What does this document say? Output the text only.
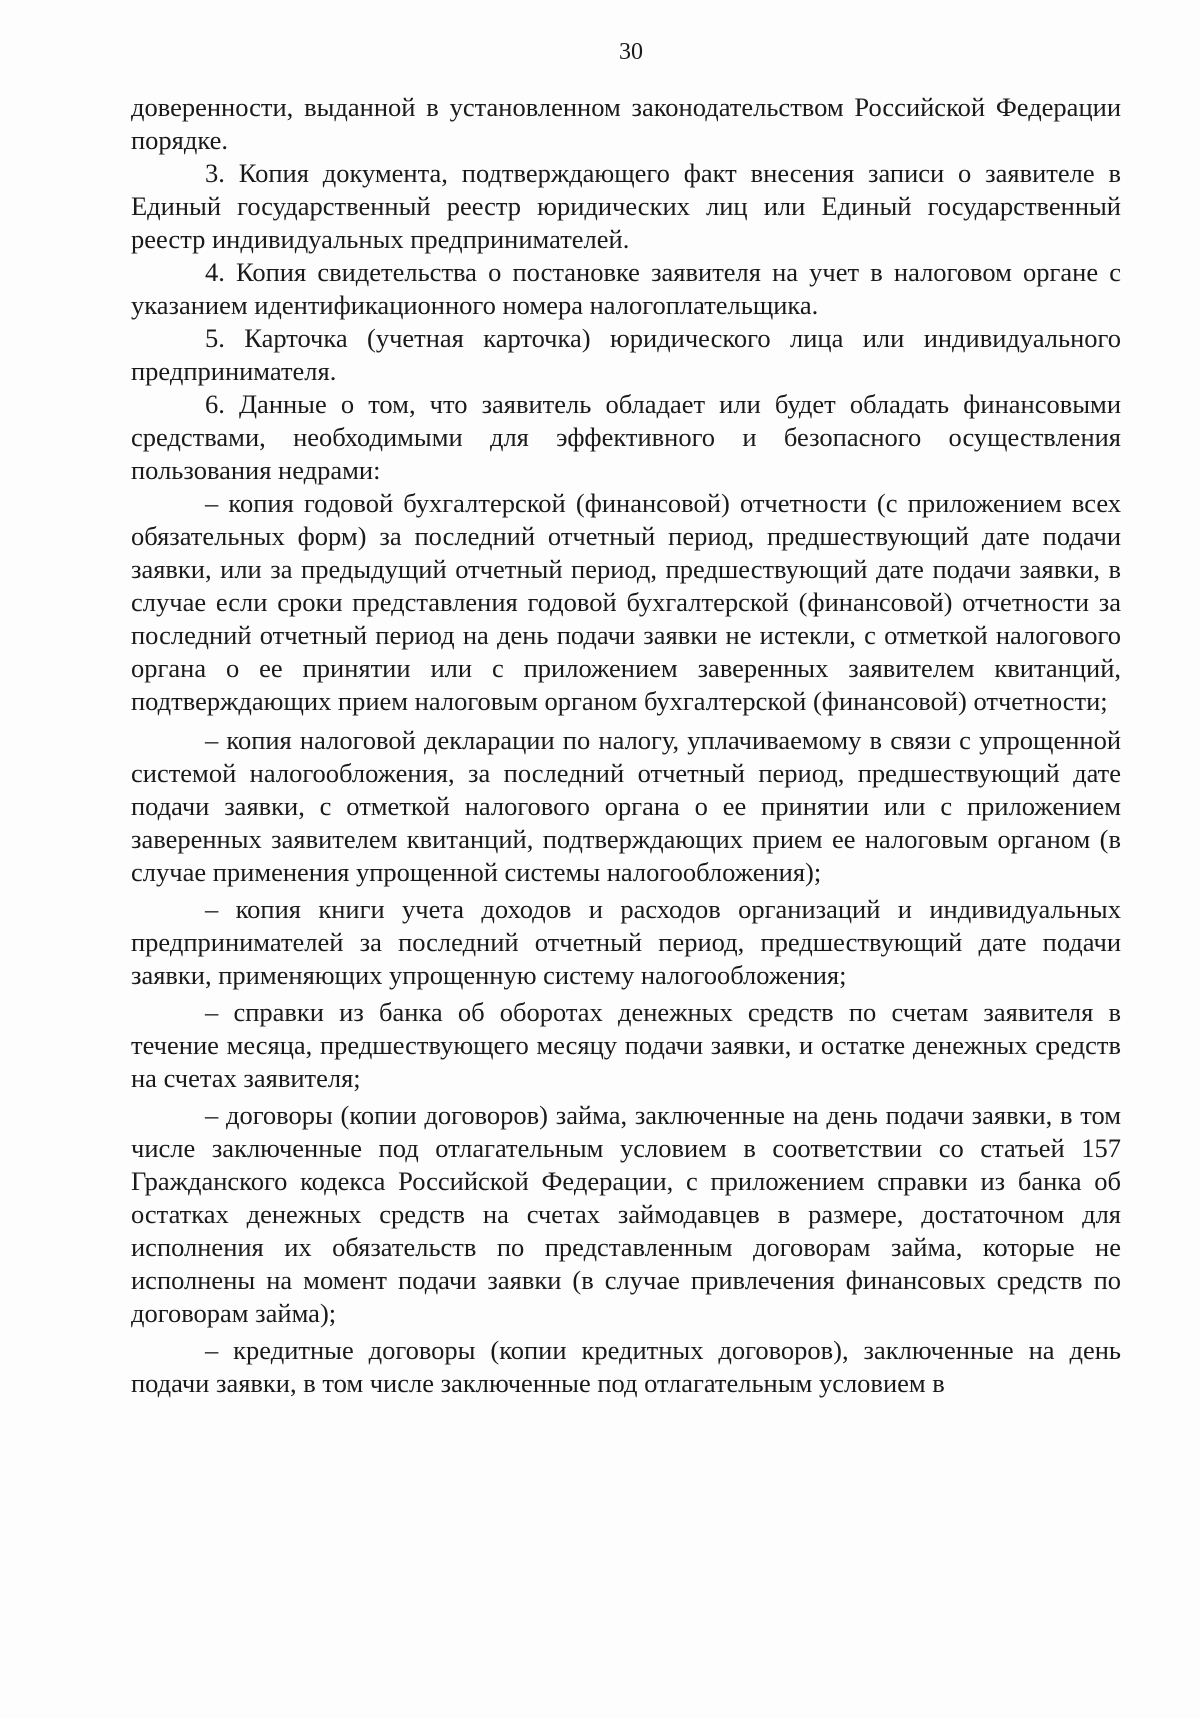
30

доверенности, выданной в установленном законодательством Российской Федерации порядке.

3. Копия документа, подтверждающего факт внесения записи о заявителе в Единый государственный реестр юридических лиц или Единый государственный реестр индивидуальных предпринимателей.

4. Копия свидетельства о постановке заявителя на учет в налоговом органе с указанием идентификационного номера налогоплательщика.

5. Карточка (учетная карточка) юридического лица или индивидуального предпринимателя.

6. Данные о том, что заявитель обладает или будет обладать финансовыми средствами, необходимыми для эффективного и безопасного осуществления пользования недрами:

– копия годовой бухгалтерской (финансовой) отчетности (с приложением всех обязательных форм) за последний отчетный период, предшествующий дате подачи заявки, или за предыдущий отчетный период, предшествующий дате подачи заявки, в случае если сроки представления годовой бухгалтерской (финансовой) отчетности за последний отчетный период на день подачи заявки не истекли, с отметкой налогового органа о ее принятии или с приложением заверенных заявителем квитанций, подтверждающих прием налоговым органом бухгалтерской (финансовой) отчетности;

– копия налоговой декларации по налогу, уплачиваемому в связи с упрощенной системой налогообложения, за последний отчетный период, предшествующий дате подачи заявки, с отметкой налогового органа о ее принятии или с приложением заверенных заявителем квитанций, подтверждающих прием ее налоговым органом (в случае применения упрощенной системы налогообложения);

– копия книги учета доходов и расходов организаций и индивидуальных предпринимателей за последний отчетный период, предшествующий дате подачи заявки, применяющих упрощенную систему налогообложения;

– справки из банка об оборотах денежных средств по счетам заявителя в течение месяца, предшествующего месяцу подачи заявки, и остатке денежных средств на счетах заявителя;

– договоры (копии договоров) займа, заключенные на день подачи заявки, в том числе заключенные под отлагательным условием в соответствии со статьей 157 Гражданского кодекса Российской Федерации, с приложением справки из банка об остатках денежных средств на счетах займодавцев в размере, достаточном для исполнения их обязательств по представленным договорам займа, которые не исполнены на момент подачи заявки (в случае привлечения финансовых средств по договорам займа);

– кредитные договоры (копии кредитных договоров), заключенные на день подачи заявки, в том числе заключенные под отлагательным условием в
